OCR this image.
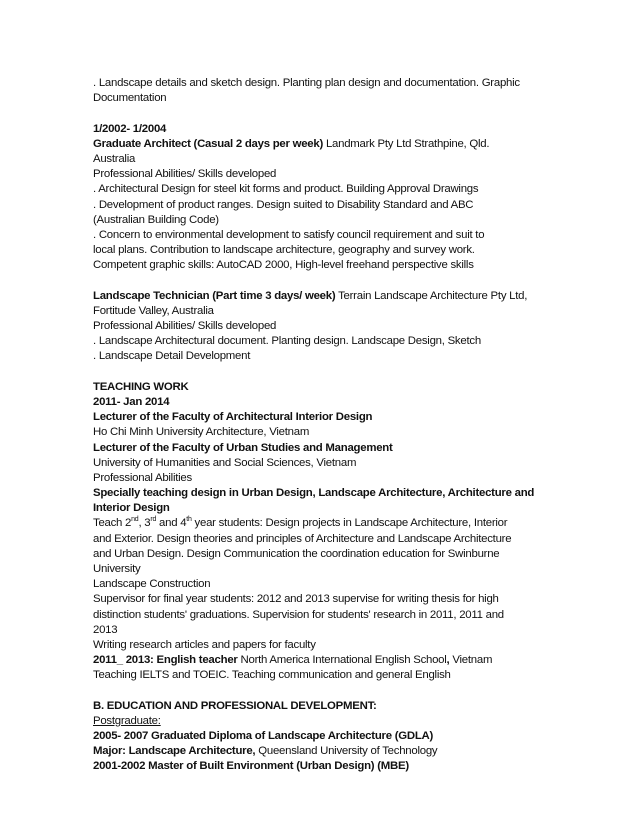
. Landscape details and sketch design. Planting plan design and documentation. Graphic
Documentation
1/2002- 1/2004
Graduate Architect (Casual 2 days per week) Landmark Pty Ltd Strathpine, Qld.
Australia
Professional Abilities/ Skills developed
. Architectural Design for steel kit forms and product. Building Approval Drawings
. Development of product ranges. Design suited to Disability Standard and ABC
(Australian Building Code)
. Concern to environmental development to satisfy council requirement and suit to
local plans. Contribution to landscape architecture, geography and survey work.
Competent graphic skills: AutoCAD 2000, High-level freehand perspective skills
Landscape Technician (Part time 3 days/ week) Terrain Landscape Architecture Pty Ltd,
Fortitude Valley, Australia
Professional Abilities/ Skills developed
. Landscape Architectural document. Planting design. Landscape Design, Sketch
. Landscape Detail Development
TEACHING WORK
2011- Jan 2014
Lecturer of the Faculty of Architectural Interior Design
Ho Chi Minh University Architecture, Vietnam
Lecturer of the Faculty of Urban Studies and Management
University of Humanities and Social Sciences, Vietnam
Professional Abilities
Specially teaching design in Urban Design, Landscape Architecture, Architecture and
Interior Design
Teach 2nd, 3rd and 4th year students: Design projects in Landscape Architecture, Interior
and Exterior. Design theories and principles of Architecture and Landscape Architecture
and Urban Design. Design Communication the coordination education for Swinburne
University
Landscape Construction
Supervisor for final year students: 2012 and 2013 supervise for writing thesis for high
distinction students' graduations. Supervision for students' research in 2011, 2011 and
2013
Writing research articles and papers for faculty
2011_ 2013: English teacher North America International English School, Vietnam
Teaching IELTS and TOEIC. Teaching communication and general English
B. EDUCATION AND PROFESSIONAL DEVELOPMENT:
Postgraduate:
2005- 2007 Graduated Diploma of Landscape Architecture (GDLA)
Major: Landscape Architecture, Queensland University of Technology
2001-2002 Master of Built Environment (Urban Design) (MBE)
